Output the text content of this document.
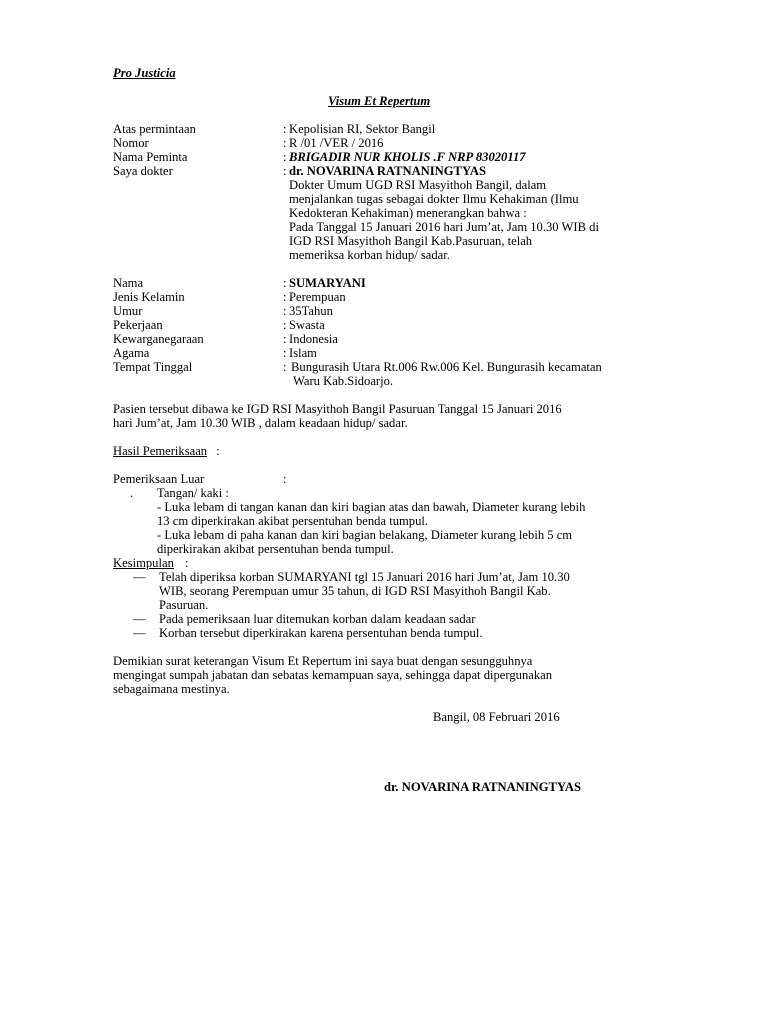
Pro Justicia
Visum Et Repertum
Atas permintaan	: Kepolisian RI, Sektor Bangil
Nomor	: R /01 /VER / 2016
Nama Peminta	: BRIGADIR NUR KHOLIS .F NRP 83020117
Saya dokter	: dr. NOVARINA RATNANINGTYAS
Dokter Umum UGD RSI Masyithoh Bangil, dalam
menjalankan tugas sebagai dokter Ilmu Kehakiman (Ilmu
Kedokteran Kehakiman) menerangkan bahwa :
Pada Tanggal 15 Januari 2016 hari Jum’at, Jam 10.30 WIB di
IGD RSI Masyithoh Bangil Kab.Pasuruan, telah
memeriksa korban hidup/ sadar.
Nama	: SUMARYANI
Jenis Kelamin	: Perempuan
Umur	: 35Tahun
Pekerjaan	: Swasta
Kewarganegaraan	: Indonesia
Agama	: Islam
Tempat Tinggal	: Bungurasih Utara Rt.006 Rw.006 Kel. Bungurasih kecamatan
Waru Kab.Sidoarjo.
Pasien tersebut dibawa ke IGD RSI Masyithoh Bangil Pasuruan Tanggal 15 Januari 2016
hari Jum’at, Jam 10.30 WIB , dalam keadaan hidup/ sadar.
Hasil Pemeriksaan :
Pemeriksaan Luar	:
. Tangan/ kaki :
- Luka lebam di tangan kanan dan kiri bagian atas dan bawah, Diameter kurang lebih
13 cm diperkirakan akibat persentuhan benda tumpul.
- Luka lebam di paha kanan dan kiri bagian belakang, Diameter kurang lebih 5 cm
diperkirakan akibat persentuhan benda tumpul.
Kesimpulan :
— Telah diperiksa korban SUMARYANI tgl 15 Januari 2016 hari Jum’at, Jam 10.30
WIB, seorang Perempuan umur 35 tahun, di IGD RSI Masyithoh Bangil Kab.
Pasuruan.
— Pada pemeriksaan luar ditemukan korban dalam keadaan sadar
— Korban tersebut diperkirakan karena persentuhan benda tumpul.
Demikian surat keterangan Visum Et Repertum ini saya buat dengan sesungguhnya
mengingat sumpah jabatan dan sebatas kemampuan saya, sehingga dapat dipergunakan
sebagaimana mestinya.
Bangil, 08 Februari 2016
dr. NOVARINA RATNANINGTYAS
